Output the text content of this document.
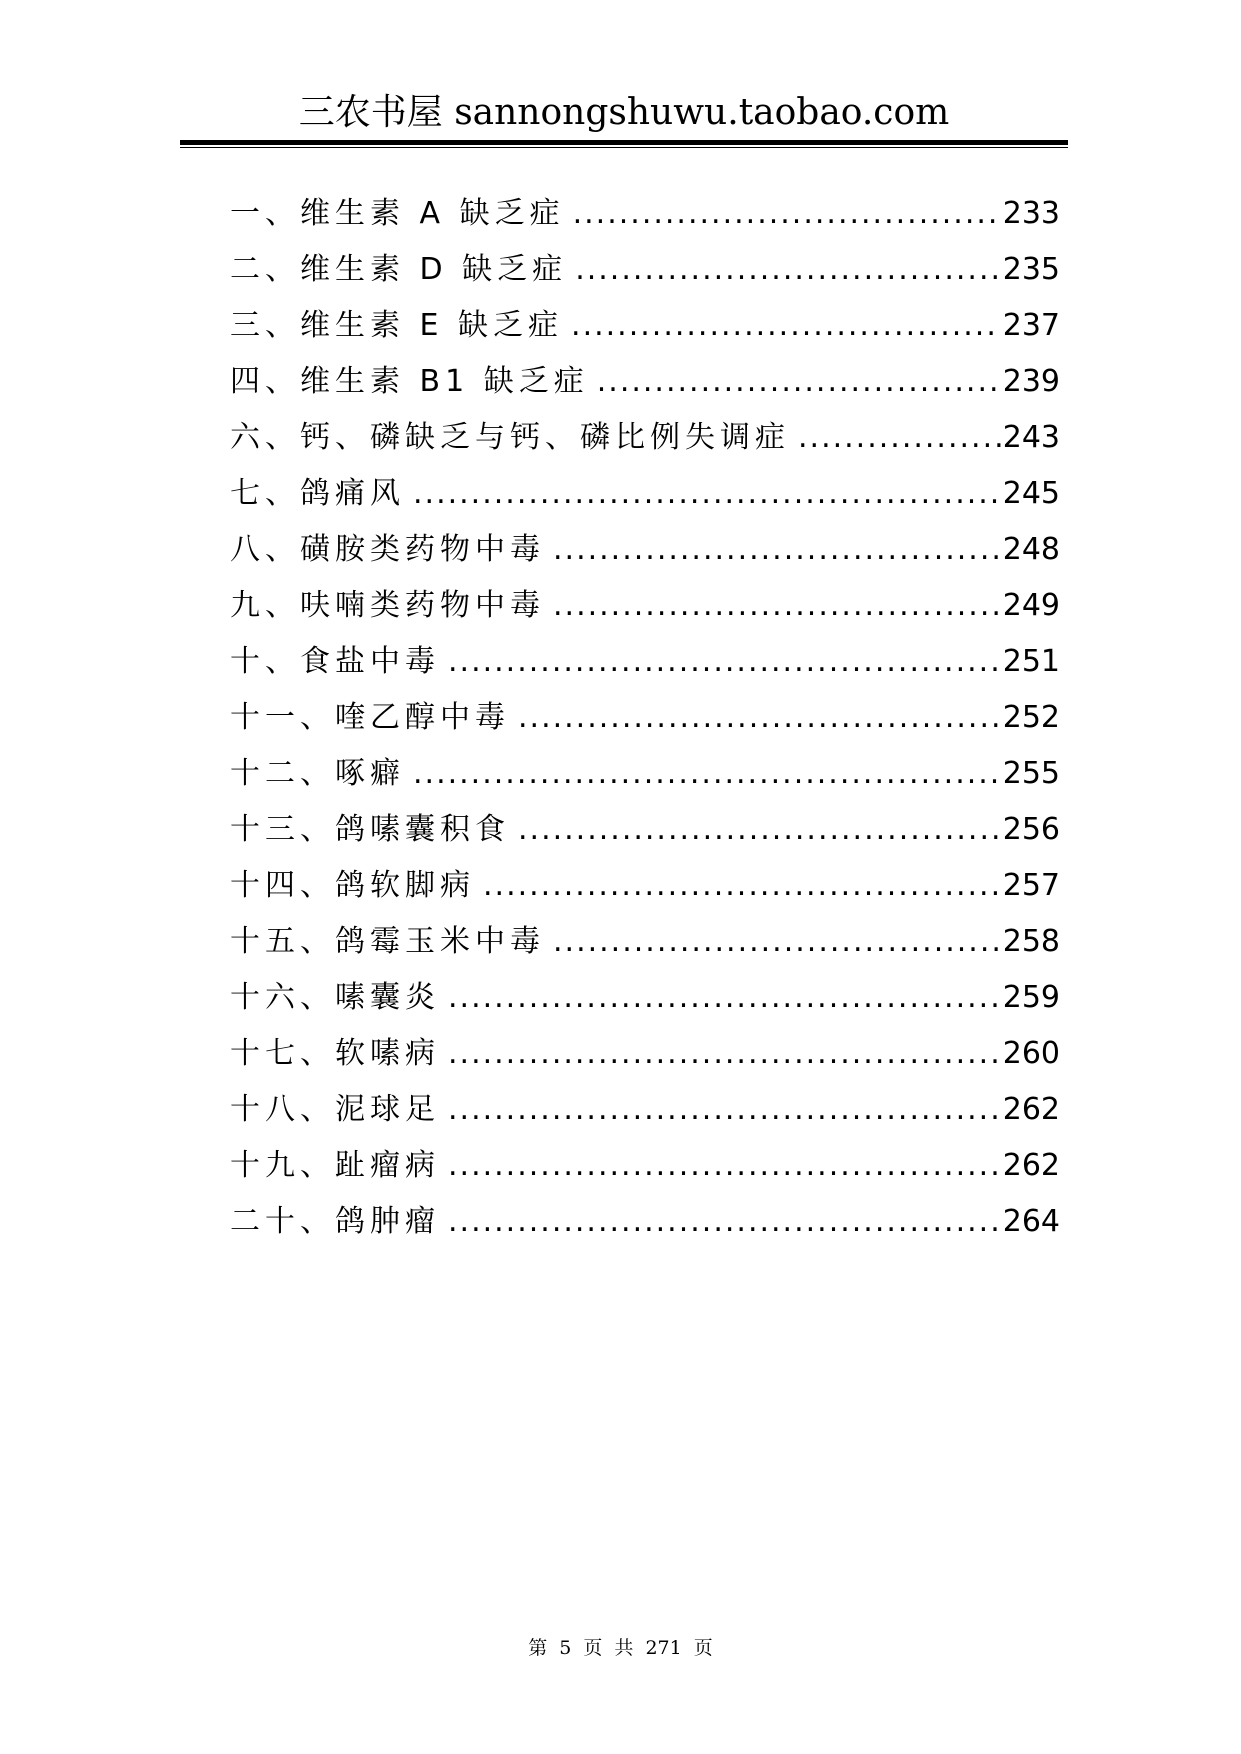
三农书屋 sannongshuwu.taobao.com
一、 维生素 A 缺乏症 .....	233
二、 维生素 D 缺乏症 .....	235
三、 维生素 E 缺乏症 .....	237
四、 维生素 B1 缺乏症 .....	239
六、 钙、磷缺乏与钙、磷比例失调症 .....	243
七、 鸽痛风 .....	245
八、 磺胺类药物中毒 .....	248
九、 呋喃类药物中毒 .....	249
十、 食盐中毒 .....	251
十一、 喹乙醇中毒 .....	252
十二、 啄癖 .....	255
十三、 鸽嗉囊积食 .....	256
十四、 鸽软脚病 .....	257
十五、 鸽霉玉米中毒 .....	258
十六、 嗉囊炎 .....	259
十七、 软嗉病 .....	260
十八、 泥球足 .....	262
十九、 趾瘤病 .....	262
二十、 鸽肿瘤 .....	264
第 5 页 共 271 页
